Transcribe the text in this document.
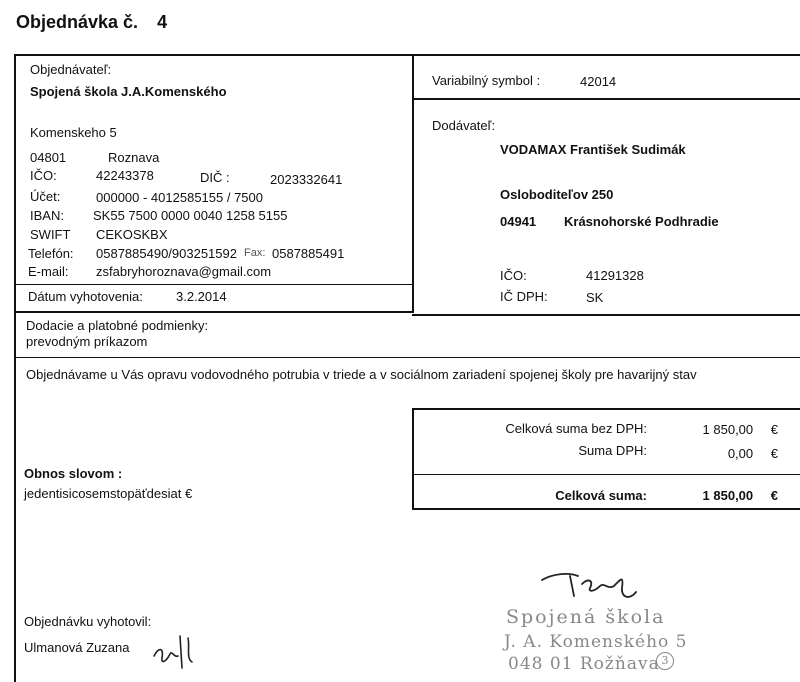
Objednávka č. 4
Objednávateľ:
Spojená škola J.A.Komenského
Komenskeho 5
04801	Roznava
IČO:	42243378	DIČ :	2023332641
Účet:	000000 - 4012585155 / 7500
IBAN: SK55 7500 0000 0040 1258 5155
SWIFT CEKOSKBX
Telefón: 0587885490/903251592 Fax: 0587885491
E-mail: zsfabryhoroznava@gmail.com
Dátum vyhotovenia:	3.2.2014
Variabilný symbol :	42014
Dodávateľ:
VODAMAX František Sudimák
Osloboditeľov 250
04941 Krásnohorské Podhradie
IČO:	41291328
IČ DPH:	SK
Dodacie a platobné podmienky:
prevodným príkazom
Objednávame u Vás opravu vodovodného potrubia v triede a v sociálnom zariadení spojenej školy pre havarijný stav
Celková suma bez DPH:	1 850,00 €
Suma DPH:	0,00 €
Celková suma:	1 850,00 €
Obnos slovom :
jedentisicosemstopäťdesiat €
Objednávku vyhotovil:
Ulmanová Zuzana
Spojená škola
J. A. Komenského 5
048 01 Rožňava 3
